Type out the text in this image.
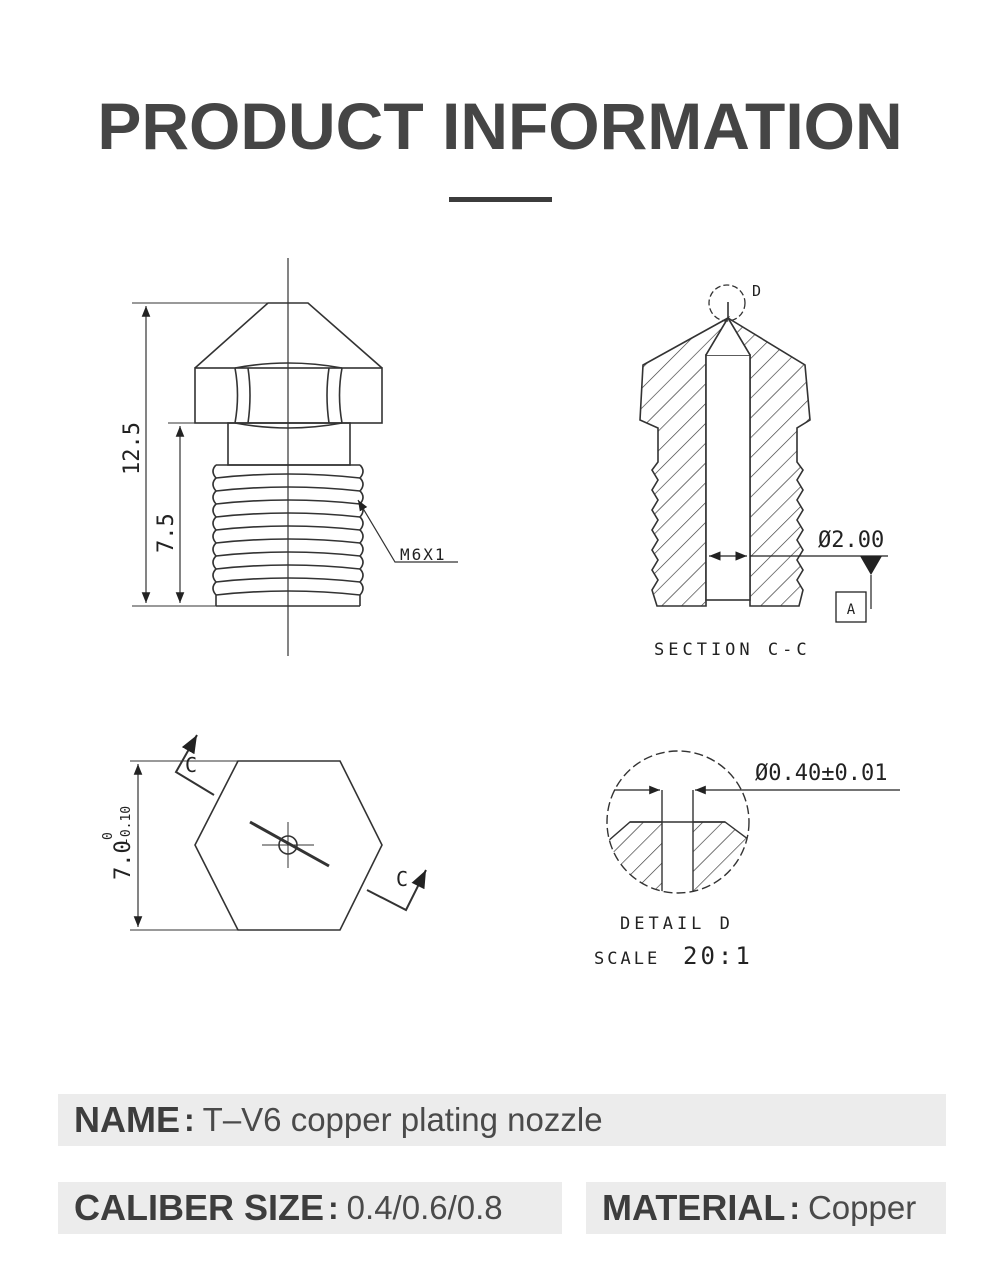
PRODUCT INFORMATION
12.5
7.5
M6X1
D
Ø2.00
A
SECTION C-C
7.0
0 -0.10
C
C
Ø0.40±0.01
DETAIL D
SCALE 20:1
NAME : T–V6 copper plating nozzle
CALIBER SIZE : 0.4/0.6/0.8	MATERIAL : Copper
